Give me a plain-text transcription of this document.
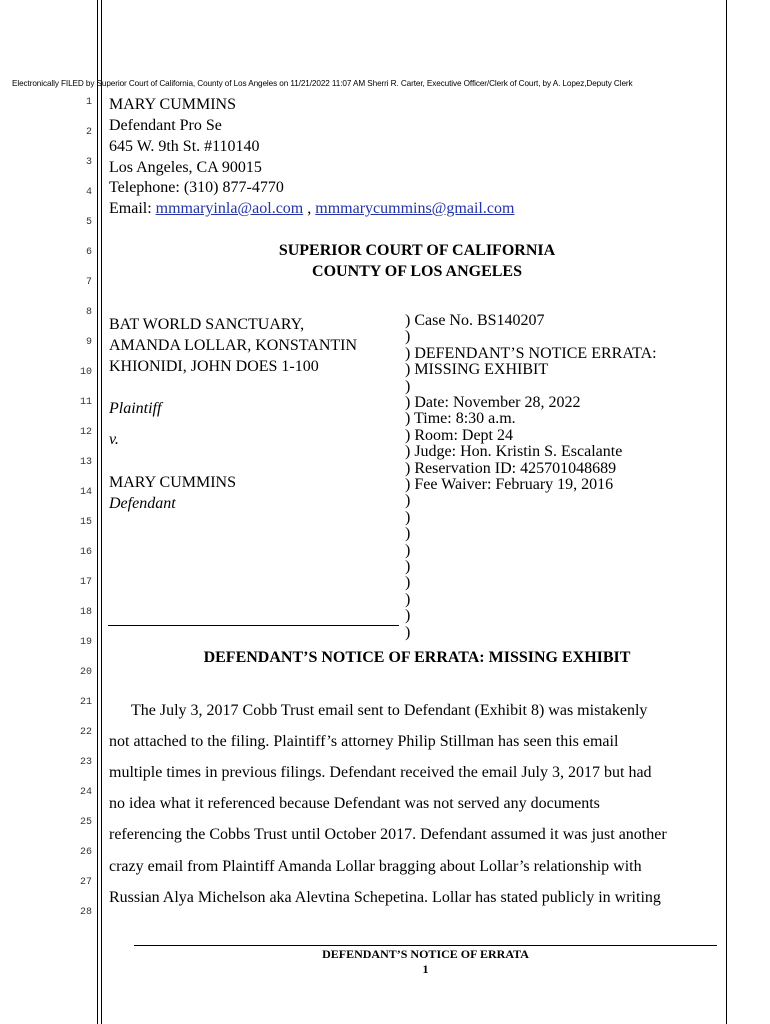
Electronically FILED by Superior Court of California, County of Los Angeles on 11/21/2022 11:07 AM Sherri R. Carter, Executive Officer/Clerk of Court, by A. Lopez,Deputy Clerk
1
2
3
4
5
6
7
8
9
10
11
12
13
14
15
16
17
18
19
20
21
22
23
24
25
26
27
28
MARY CUMMINS
Defendant Pro Se
645 W. 9th St. #110140
Los Angeles, CA 90015
Telephone: (310) 877-4770
Email: mmmaryinla@aol.com , mmmarycummins@gmail.com
SUPERIOR COURT OF CALIFORNIA
COUNTY OF LOS ANGELES
BAT WORLD SANCTUARY,
AMANDA LOLLAR, KONSTANTIN
KHIONIDI, JOHN DOES 1-100
Plaintiff
v.
MARY CUMMINS
Defendant
) Case No. BS140207
)
) DEFENDANT’S NOTICE ERRATA:
) MISSING EXHIBIT
)
) Date: November 28, 2022
) Time: 8:30 a.m.
) Room: Dept 24
) Judge: Hon. Kristin S. Escalante
) Reservation ID: 425701048689
) Fee Waiver: February 19, 2016
)
)
)
)
)
)
)
)
)
DEFENDANT’S NOTICE OF ERRATA: MISSING EXHIBIT
The July 3, 2017 Cobb Trust email sent to Defendant (Exhibit 8) was mistakenly
not attached to the filing. Plaintiff’s attorney Philip Stillman has seen this email
multiple times in previous filings. Defendant received the email July 3, 2017 but had
no idea what it referenced because Defendant was not served any documents
referencing the Cobbs Trust until October 2017. Defendant assumed it was just another
crazy email from Plaintiff Amanda Lollar bragging about Lollar’s relationship with
Russian Alya Michelson aka Alevtina Schepetina. Lollar has stated publicly in writing
DEFENDANT’S NOTICE OF ERRATA
1
